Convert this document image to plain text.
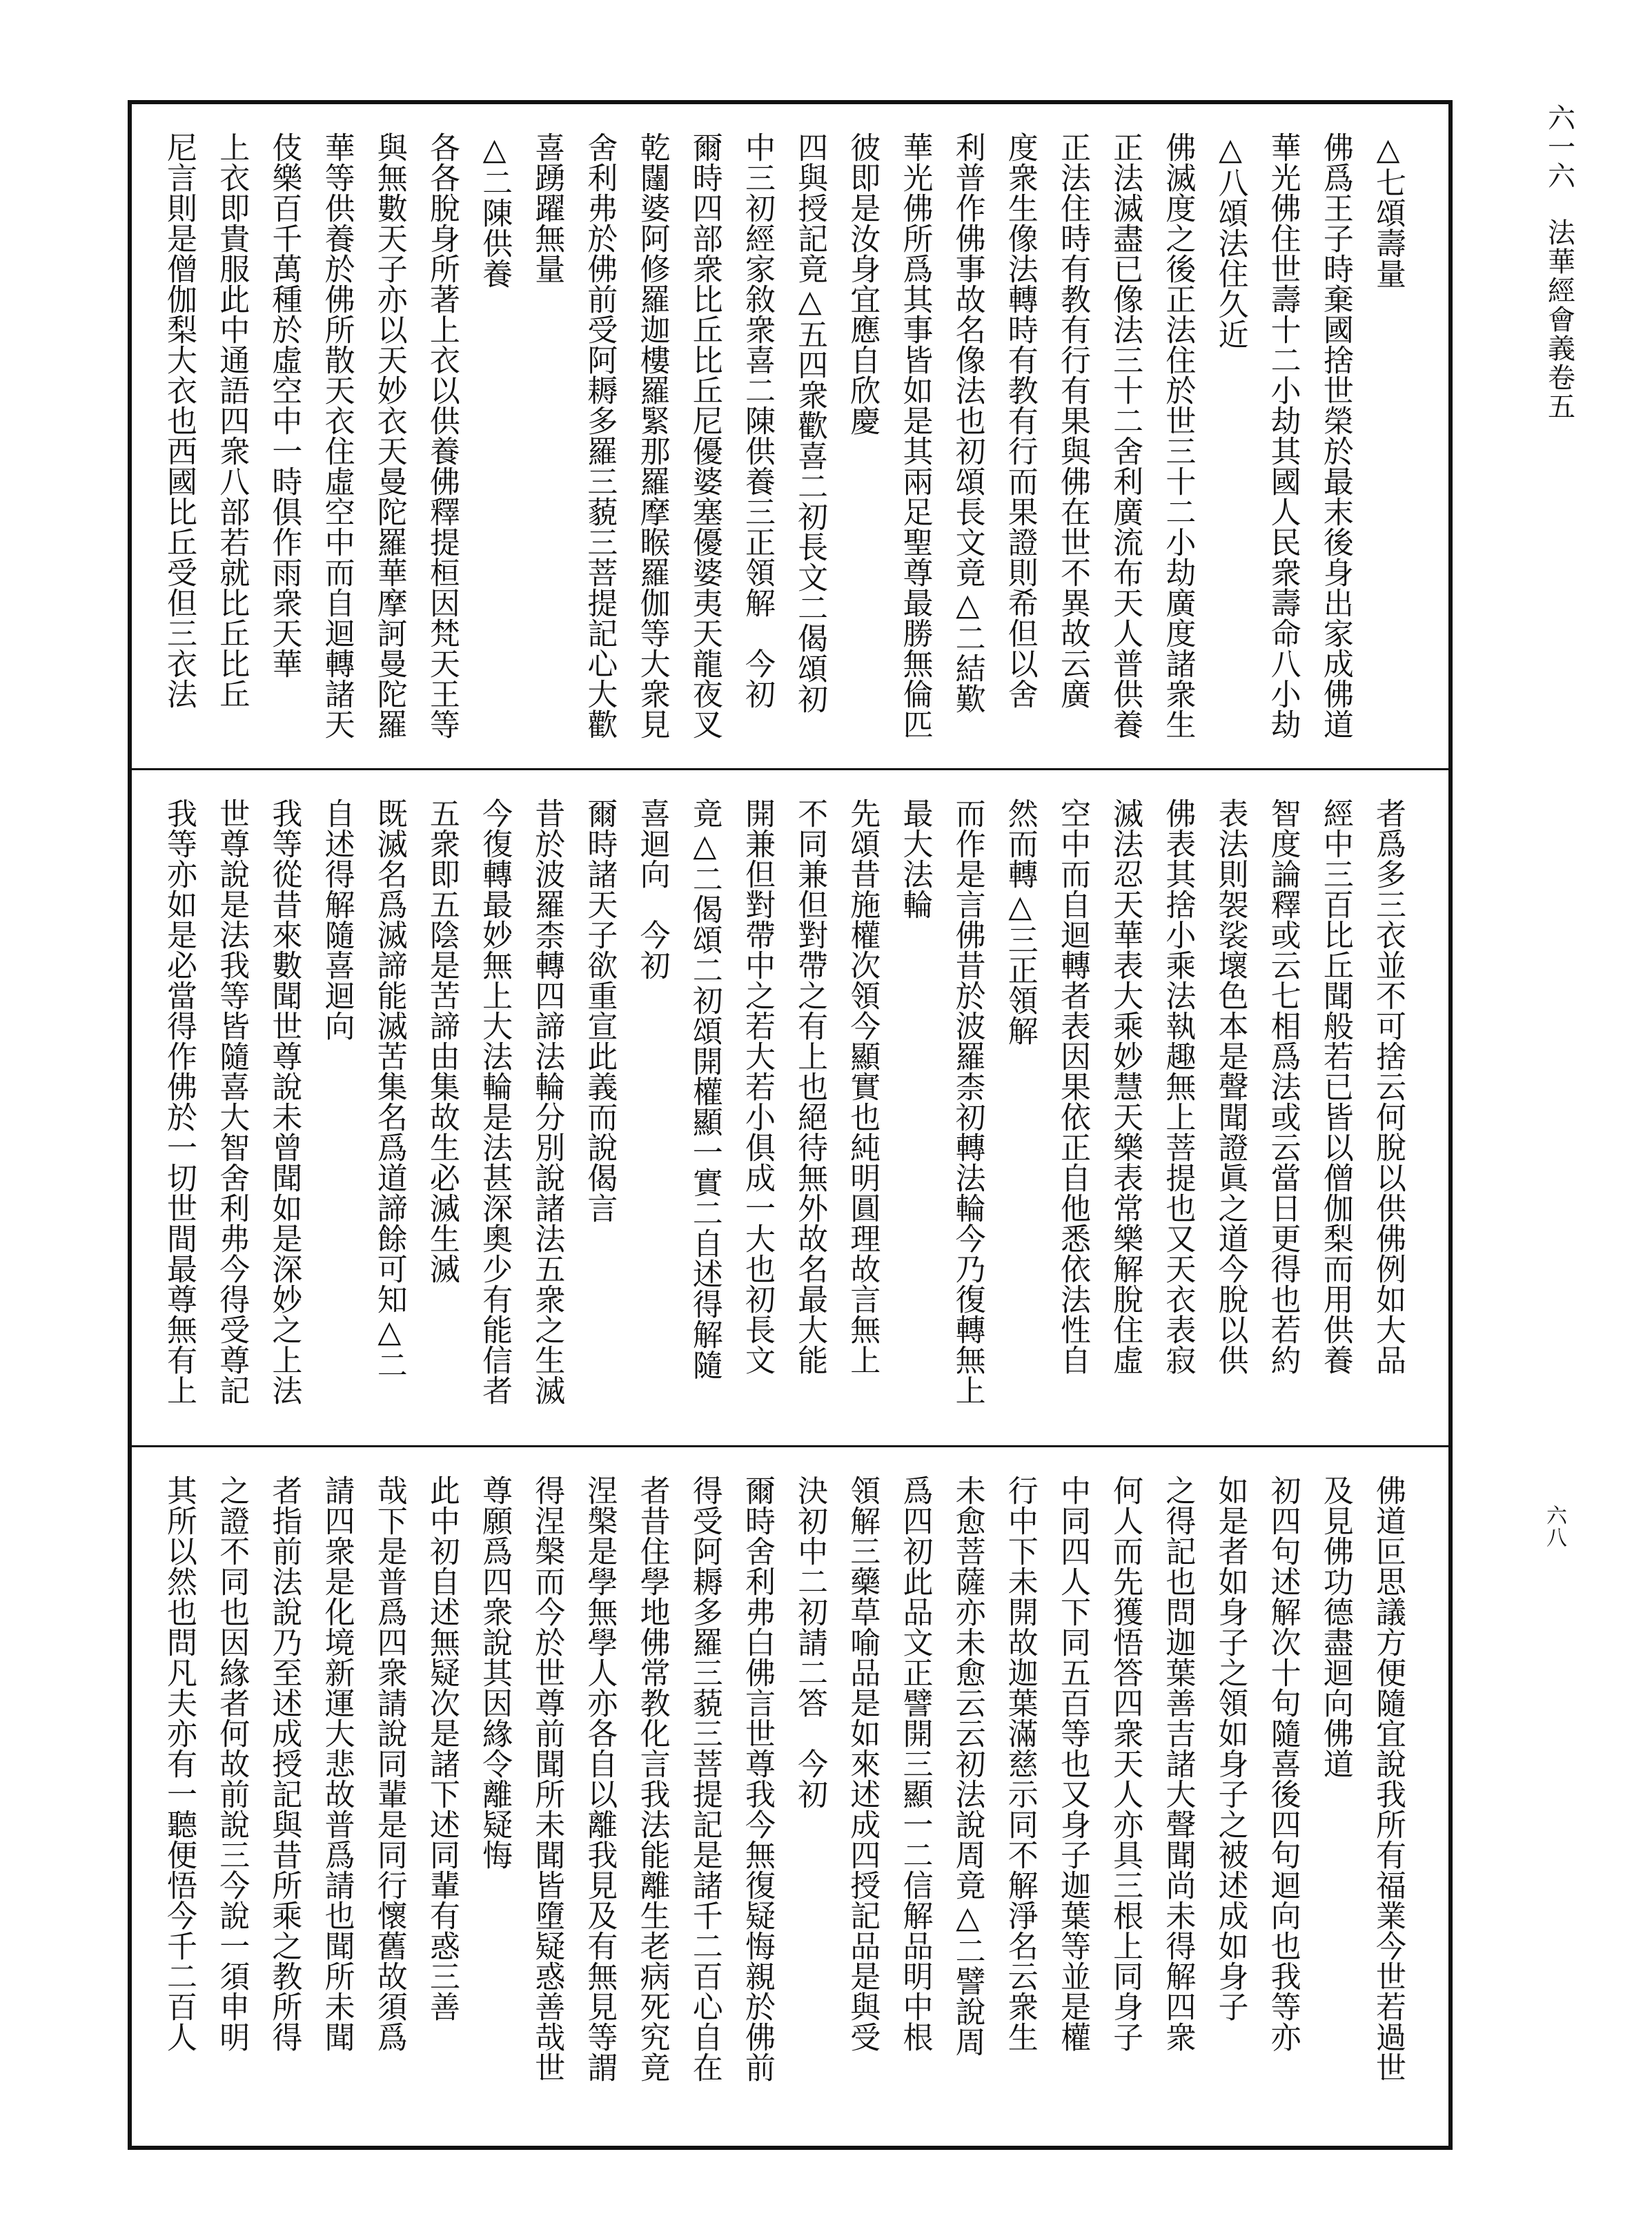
六一六
法華經會義卷五
六八
△七頌壽量
佛爲王子時棄國捨世榮於最末後身出家成佛道
華光佛住世壽十二小劫其國人民衆壽命八小劫
△八頌法住久近
佛滅度之後正法住於世三十二小劫廣度諸衆生
正法滅盡已像法三十二舍利廣流布天人普供養
正法住時有教有行有果與佛在世不異故云廣
度衆生像法轉時有教有行而果證則希但以舍
利普作佛事故名像法也初頌長文竟△二結歎
華光佛所爲其事皆如是其兩足聖尊最勝無倫匹
彼即是汝身宜應自欣慶
四與授記竟△五四衆歡喜二初長文二偈頌初
中三初經家敘衆喜二陳供養三正領解　今初
爾時四部衆比丘比丘尼優婆塞優婆夷天龍夜叉
乾闥婆阿修羅迦樓羅緊那羅摩睺羅伽等大衆見
舍利弗於佛前受阿耨多羅三藐三菩提記心大歡
喜踴躍無量
△二陳供養
各各脫身所著上衣以供養佛釋提桓因梵天王等
與無數天子亦以天妙衣天曼陀羅華摩訶曼陀羅
華等供養於佛所散天衣住虛空中而自迴轉諸天
伎樂百千萬種於虛空中一時俱作雨衆天華
上衣即貴服此中通語四衆八部若就比丘比丘
尼言則是僧伽梨大衣也西國比丘受但三衣法
者爲多三衣並不可捨云何脫以供佛例如大品
經中三百比丘聞般若已皆以僧伽梨而用供養
智度論釋或云七相爲法或云當日更得也若約
表法則袈裟壞色本是聲聞證眞之道今脫以供
佛表其捨小乘法執趣無上菩提也又天衣表寂
滅法忍天華表大乘妙慧天樂表常樂解脫住虛
空中而自迴轉者表因果依正自他悉依法性自
然而轉△三正領解
而作是言佛昔於波羅柰初轉法輪今乃復轉無上
最大法輪
先頌昔施權次領今顯實也純明圓理故言無上
不同兼但對帶之有上也絕待無外故名最大能
開兼但對帶中之若大若小俱成一大也初長文
竟△二偈頌二初頌開權顯一實二自述得解隨
喜迴向　今初
爾時諸天子欲重宣此義而說偈言
昔於波羅柰轉四諦法輪分別說諸法五衆之生滅
今復轉最妙無上大法輪是法甚深奧少有能信者
五衆即五陰是苦諦由集故生必滅生滅
既滅名爲滅諦能滅苦集名爲道諦餘可知△二
自述得解隨喜迴向
我等從昔來數聞世尊說未曾聞如是深妙之上法
世尊說是法我等皆隨喜大智舍利弗今得受尊記
我等亦如是必當得作佛於一切世間最尊無有上
佛道叵思議方便隨宜說我所有福業今世若過世
及見佛功德盡迴向佛道
初四句述解次十句隨喜後四句迴向也我等亦
如是者如身子之領如身子之被述成如身子
之得記也問迦葉善吉諸大聲聞尚未得解四衆
何人而先獲悟答四衆天人亦具三根上同身子
中同四人下同五百等也又身子迦葉等並是權
行中下未開故迦葉滿慈示同不解淨名云衆生
未愈菩薩亦未愈云云初法說周竟△二譬說周
爲四初此品文正譬開三顯一二信解品明中根
領解三藥草喻品是如來述成四授記品是與受
決初中二初請二答　今初
爾時舍利弗白佛言世尊我今無復疑悔親於佛前
得受阿耨多羅三藐三菩提記是諸千二百心自在
者昔住學地佛常教化言我法能離生老病死究竟
涅槃是學無學人亦各自以離我見及有無見等謂
得涅槃而今於世尊前聞所未聞皆墮疑惑善哉世
尊願爲四衆說其因緣令離疑悔
此中初自述無疑次是諸下述同輩有惑三善
哉下是普爲四衆請說同輩是同行懷舊故須爲
請四衆是化境新運大悲故普爲請也聞所未聞
者指前法說乃至述成授記與昔所乘之教所得
之證不同也因緣者何故前說三今說一須申明
其所以然也問凡夫亦有一聽便悟今千二百人
